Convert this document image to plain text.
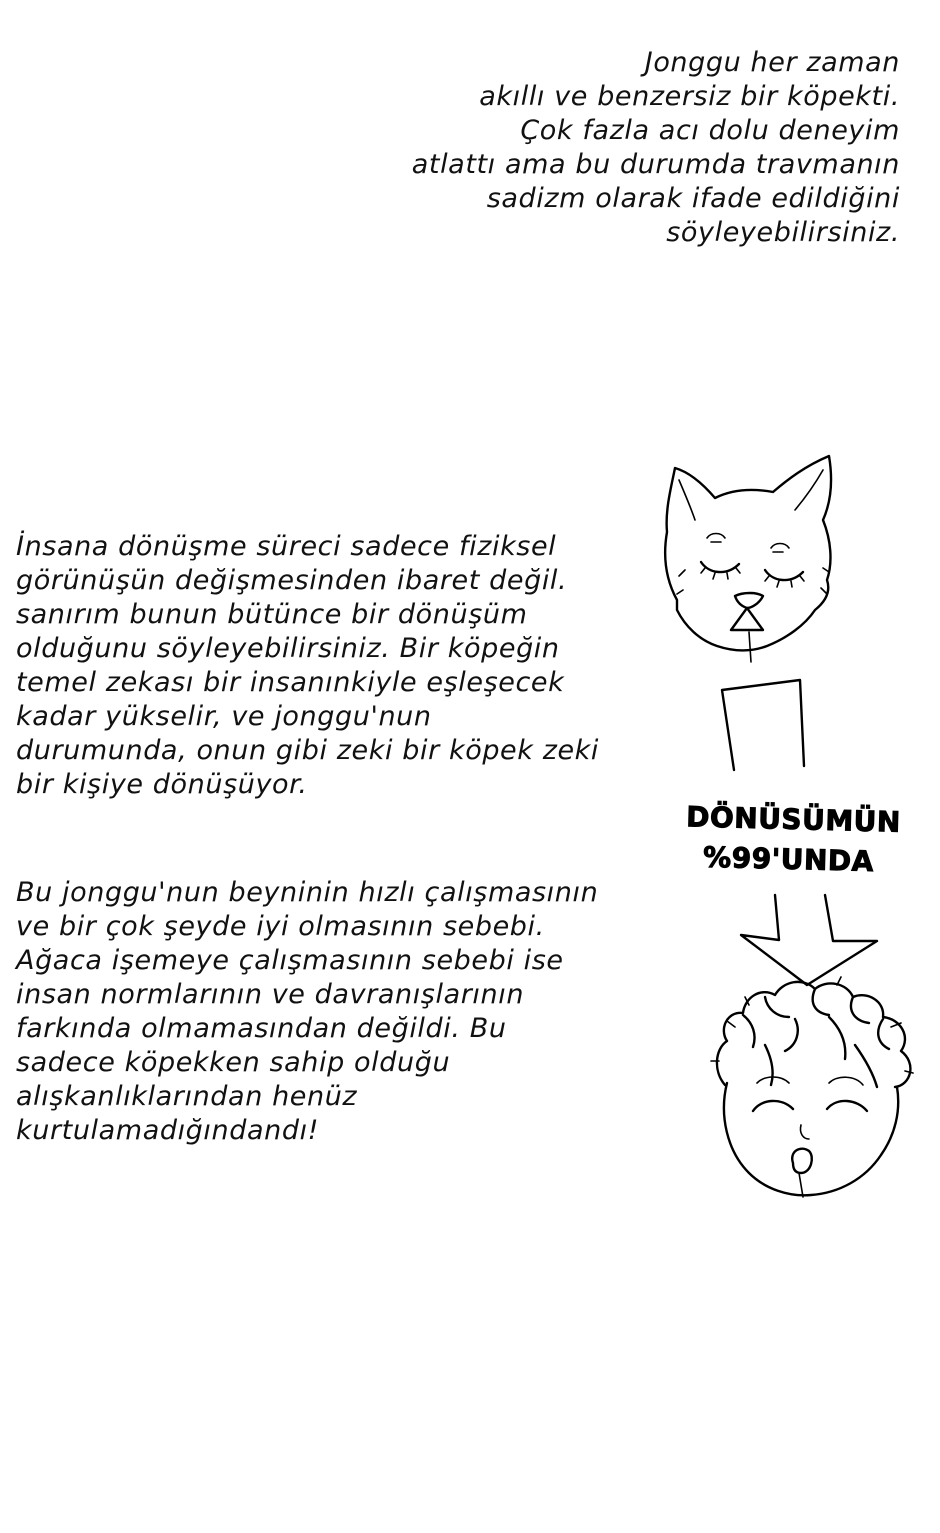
Jonggu her zaman
akıllı ve benzersiz bir köpekti.
Çok fazla acı dolu deneyim
atlattı ama bu durumda travmanın
sadizm olarak ifade edildiğini
söyleyebilirsiniz.
İnsana dönüşme süreci sadece fiziksel
görünüşün değişmesinden ibaret değil.
sanırım bunun bütünce bir dönüşüm
olduğunu söyleyebilirsiniz. Bir köpeğin
temel zekası bir insanınkiyle eşleşecek
kadar yükselir, ve jonggu'nun
durumunda, onun gibi zeki bir köpek zeki
bir kişiye dönüşüyor.
Bu jonggu'nun beyninin hızlı çalışmasının
ve bir çok şeyde iyi olmasının sebebi.
Ağaca işemeye çalışmasının sebebi ise
insan normlarının ve davranışlarının
farkında olmamasından değildi. Bu
sadece köpekken sahip olduğu
alışkanlıklarından henüz
kurtulamadığındandı!
DÖNÜSÜMÜN
%99'UNDA
